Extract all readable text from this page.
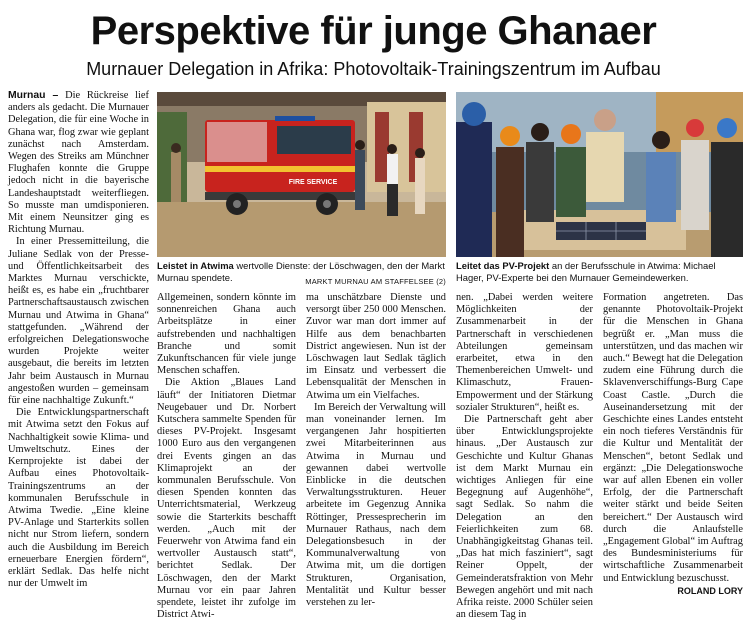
Perspektive für junge Ghanaer
Murnauer Delegation in Afrika: Photovoltaik-Trainingszentrum im Aufbau

Murnau – Die Rückreise lief anders als gedacht. Die Murnauer Delegation, die für eine Woche in Ghana war, flog zwar wie geplant zunächst nach Amsterdam. Wegen des Streiks am Münchner Flughafen konnte die Gruppe jedoch nicht in die bayerische Landeshauptstadt weiterfliegen. So musste man umdisponieren. Mit einem Neunsitzer ging es Richtung Murnau.

In einer Pressemitteilung, die Juliane Sedlak von der Presse- und Öffentlichkeitsarbeit des Marktes Murnau verschickte, heißt es, es habe ein „fruchtbarer Partnerschaftsaustausch zwischen Murnau und Atwima in Ghana“ stattgefunden. „Während der erfolgreichen Delegationswoche wurden Projekte weiter ausgebaut, die bereits im letzten Jahr beim Austausch in Murnau angestoßen wurden – gemeinsam für eine nachhaltige Zukunft.“

Die Entwicklungspartnerschaft mit Atwima setzt den Fokus auf Nachhaltigkeit sowie Klima- und Umweltschutz. Eines der Kernprojekte ist dabei der Aufbau eines Photovoltaik-Trainingszentrums an der kommunalen Berufsschule in Atwima Twedie. „Eine kleine PV-Anlage und Starterkits sollen nicht nur Strom liefern, sondern auch die Ausbildung im Bereich erneuerbare Energien fördern“, erklärt Sedlak. Das helfe nicht nur der Umwelt im

FIRE SERVICE
Leistet in Atwima wertvolle Dienste: der Löschwagen, den der Markt Murnau spendete.	MARKT MURNAU AM STAFFELSEE (2)
Leitet das PV-Projekt an der Berufsschule in Atwima: Michael Hager, PV-Experte bei den Murnauer Gemeindewerken.

Allgemeinen, sondern könnte im sonnenreichen Ghana auch Arbeitsplätze in einer aufstrebenden und nachhaltigen Branche und somit Zukunftschancen für viele junge Menschen schaffen.

Die Aktion „Blaues Land läuft“ der Initiatoren Dietmar Neugebauer und Dr. Norbert Kutschera sammelte Spenden für dieses PV-Projekt. Insgesamt 1000 Euro aus den vergangenen drei Events gingen an das Klimaprojekt an der kommunalen Berufsschule. Von diesen Spenden konnten das Unterrichtsmaterial, Werkzeug sowie die Starterkits beschafft werden. „Auch mit der Feuerwehr von Atwima fand ein wertvoller Austausch statt“, berichtet Sedlak. Der Löschwagen, den der Markt Murnau vor ein paar Jahren spendete, leistet ihr zufolge im District Atwi-

ma unschätzbare Dienste und versorgt über 250 000 Menschen. Zuvor war man dort immer auf Hilfe aus dem benachbarten District angewiesen. Nun ist der Löschwagen laut Sedlak täglich im Einsatz und verbessert die Lebensqualität der Menschen in Atwima um ein Vielfaches.

Im Bereich der Verwaltung will man voneinander lernen. Im vergangenen Jahr hospitierten zwei Mitarbeiterinnen aus Atwima in Murnau und gewannen dabei wertvolle Einblicke in die deutschen Verwaltungsstrukturen. Heuer arbeitete im Gegenzug Annika Röttinger, Pressesprecherin im Murnauer Rathaus, nach dem Delegationsbesuch in der Kommunalverwaltung von Atwima mit, um die dortigen Strukturen, Organisation, Mentalität und Kultur besser verstehen zu ler-

nen. „Dabei werden weitere Möglichkeiten der Zusammenarbeit in der Partnerschaft in verschiedenen Abteilungen gemeinsam erarbeitet, etwa in den Themenbereichen Umwelt- und Klimaschutz, Frauen-Empowerment und der Stärkung sozialer Strukturen“, heißt es.

Die Partnerschaft geht aber über Entwicklungsprojekte hinaus. „Der Austausch zur Geschichte und Kultur Ghanas ist dem Markt Murnau ein wichtiges Anliegen für eine Begegnung auf Augenhöhe“, sagt Sedlak. So nahm die Delegation an den Feierlichkeiten zum 68. Unabhängigkeitstag Ghanas teil. „Das hat mich fasziniert“, sagt Reiner Oppelt, der Gemeinderatsfraktion von Mehr Bewegen angehört und mit nach Afrika reiste. 2000 Schüler seien an diesem Tag in

Formation angetreten. Das genannte Photovoltaik-Projekt für die Menschen in Ghana begrüßt er. „Man muss die unterstützen, und das machen wir auch.“ Bewegt hat die Delegation zudem eine Führung durch die Sklavenverschiffungs-Burg Cape Coast Castle. „Durch die Auseinandersetzung mit der Geschichte eines Landes entsteht ein noch tieferes Verständnis für die Kultur und Mentalität der Menschen“, betont Sedlak und ergänzt: „Die Delegationswoche war auf allen Ebenen ein voller Erfolg, der die Partnerschaft weiter stärkt und beide Seiten bereichert.“ Der Austausch wird durch die Anlaufstelle „Engagement Global“ im Auftrag des Bundesministeriums für wirtschaftliche Zusammenarbeit und Entwicklung bezuschusst.

ROLAND LORY
